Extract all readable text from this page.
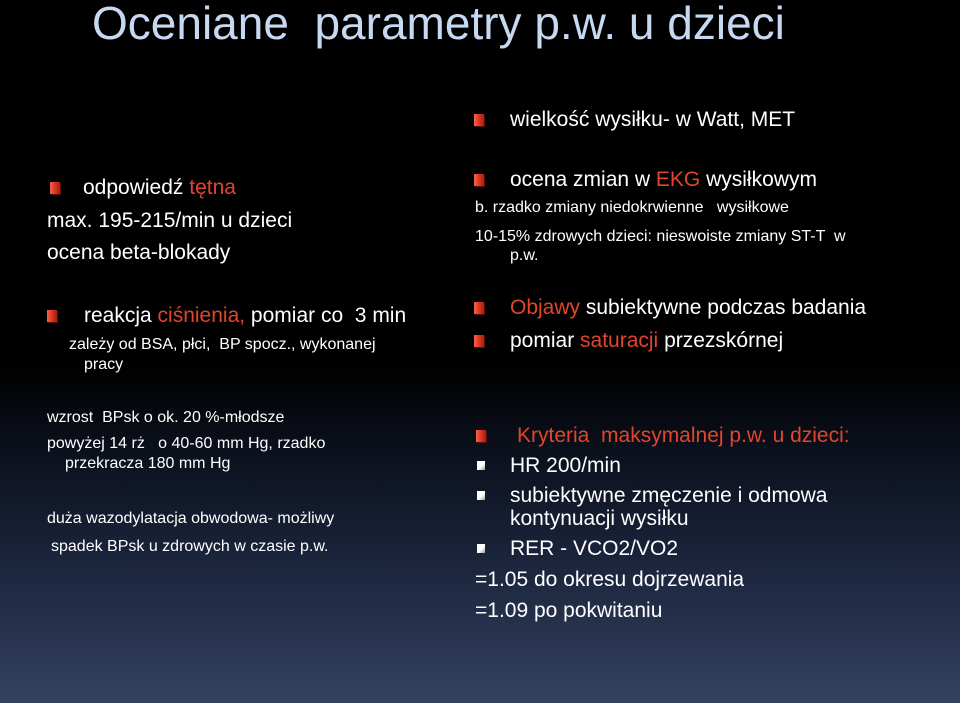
Oceniane  parametry p.w. u dzieci
odpowiedź tętna
max. 195-215/min u dzieci
ocena beta-blokady
reakcja ciśnienia, pomiar co  3 min
zależy od BSA, płci,  BP spocz., wykonanej
pracy
wzrost  BPsk o ok. 20 %-młodsze
powyżej 14 rż   o 40-60 mm Hg, rzadko
przekracza 180 mm Hg
duża wazodylatacja obwodowa- możliwy
spadek BPsk u zdrowych w czasie p.w.
wielkość wysiłku- w Watt, MET
ocena zmian w EKG wysiłkowym
b. rzadko zmiany niedokrwienne   wysiłkowe
10-15% zdrowych dzieci: nieswoiste zmiany ST-T  w
p.w.
Objawy subiektywne podczas badania
pomiar saturacji przezskórnej
Kryteria  maksymalnej p.w. u dzieci:
HR 200/min
subiektywne zmęczenie i odmowa
kontynuacji wysiłku
RER - VCO2/VO2
=1.05 do okresu dojrzewania
=1.09 po pokwitaniu
